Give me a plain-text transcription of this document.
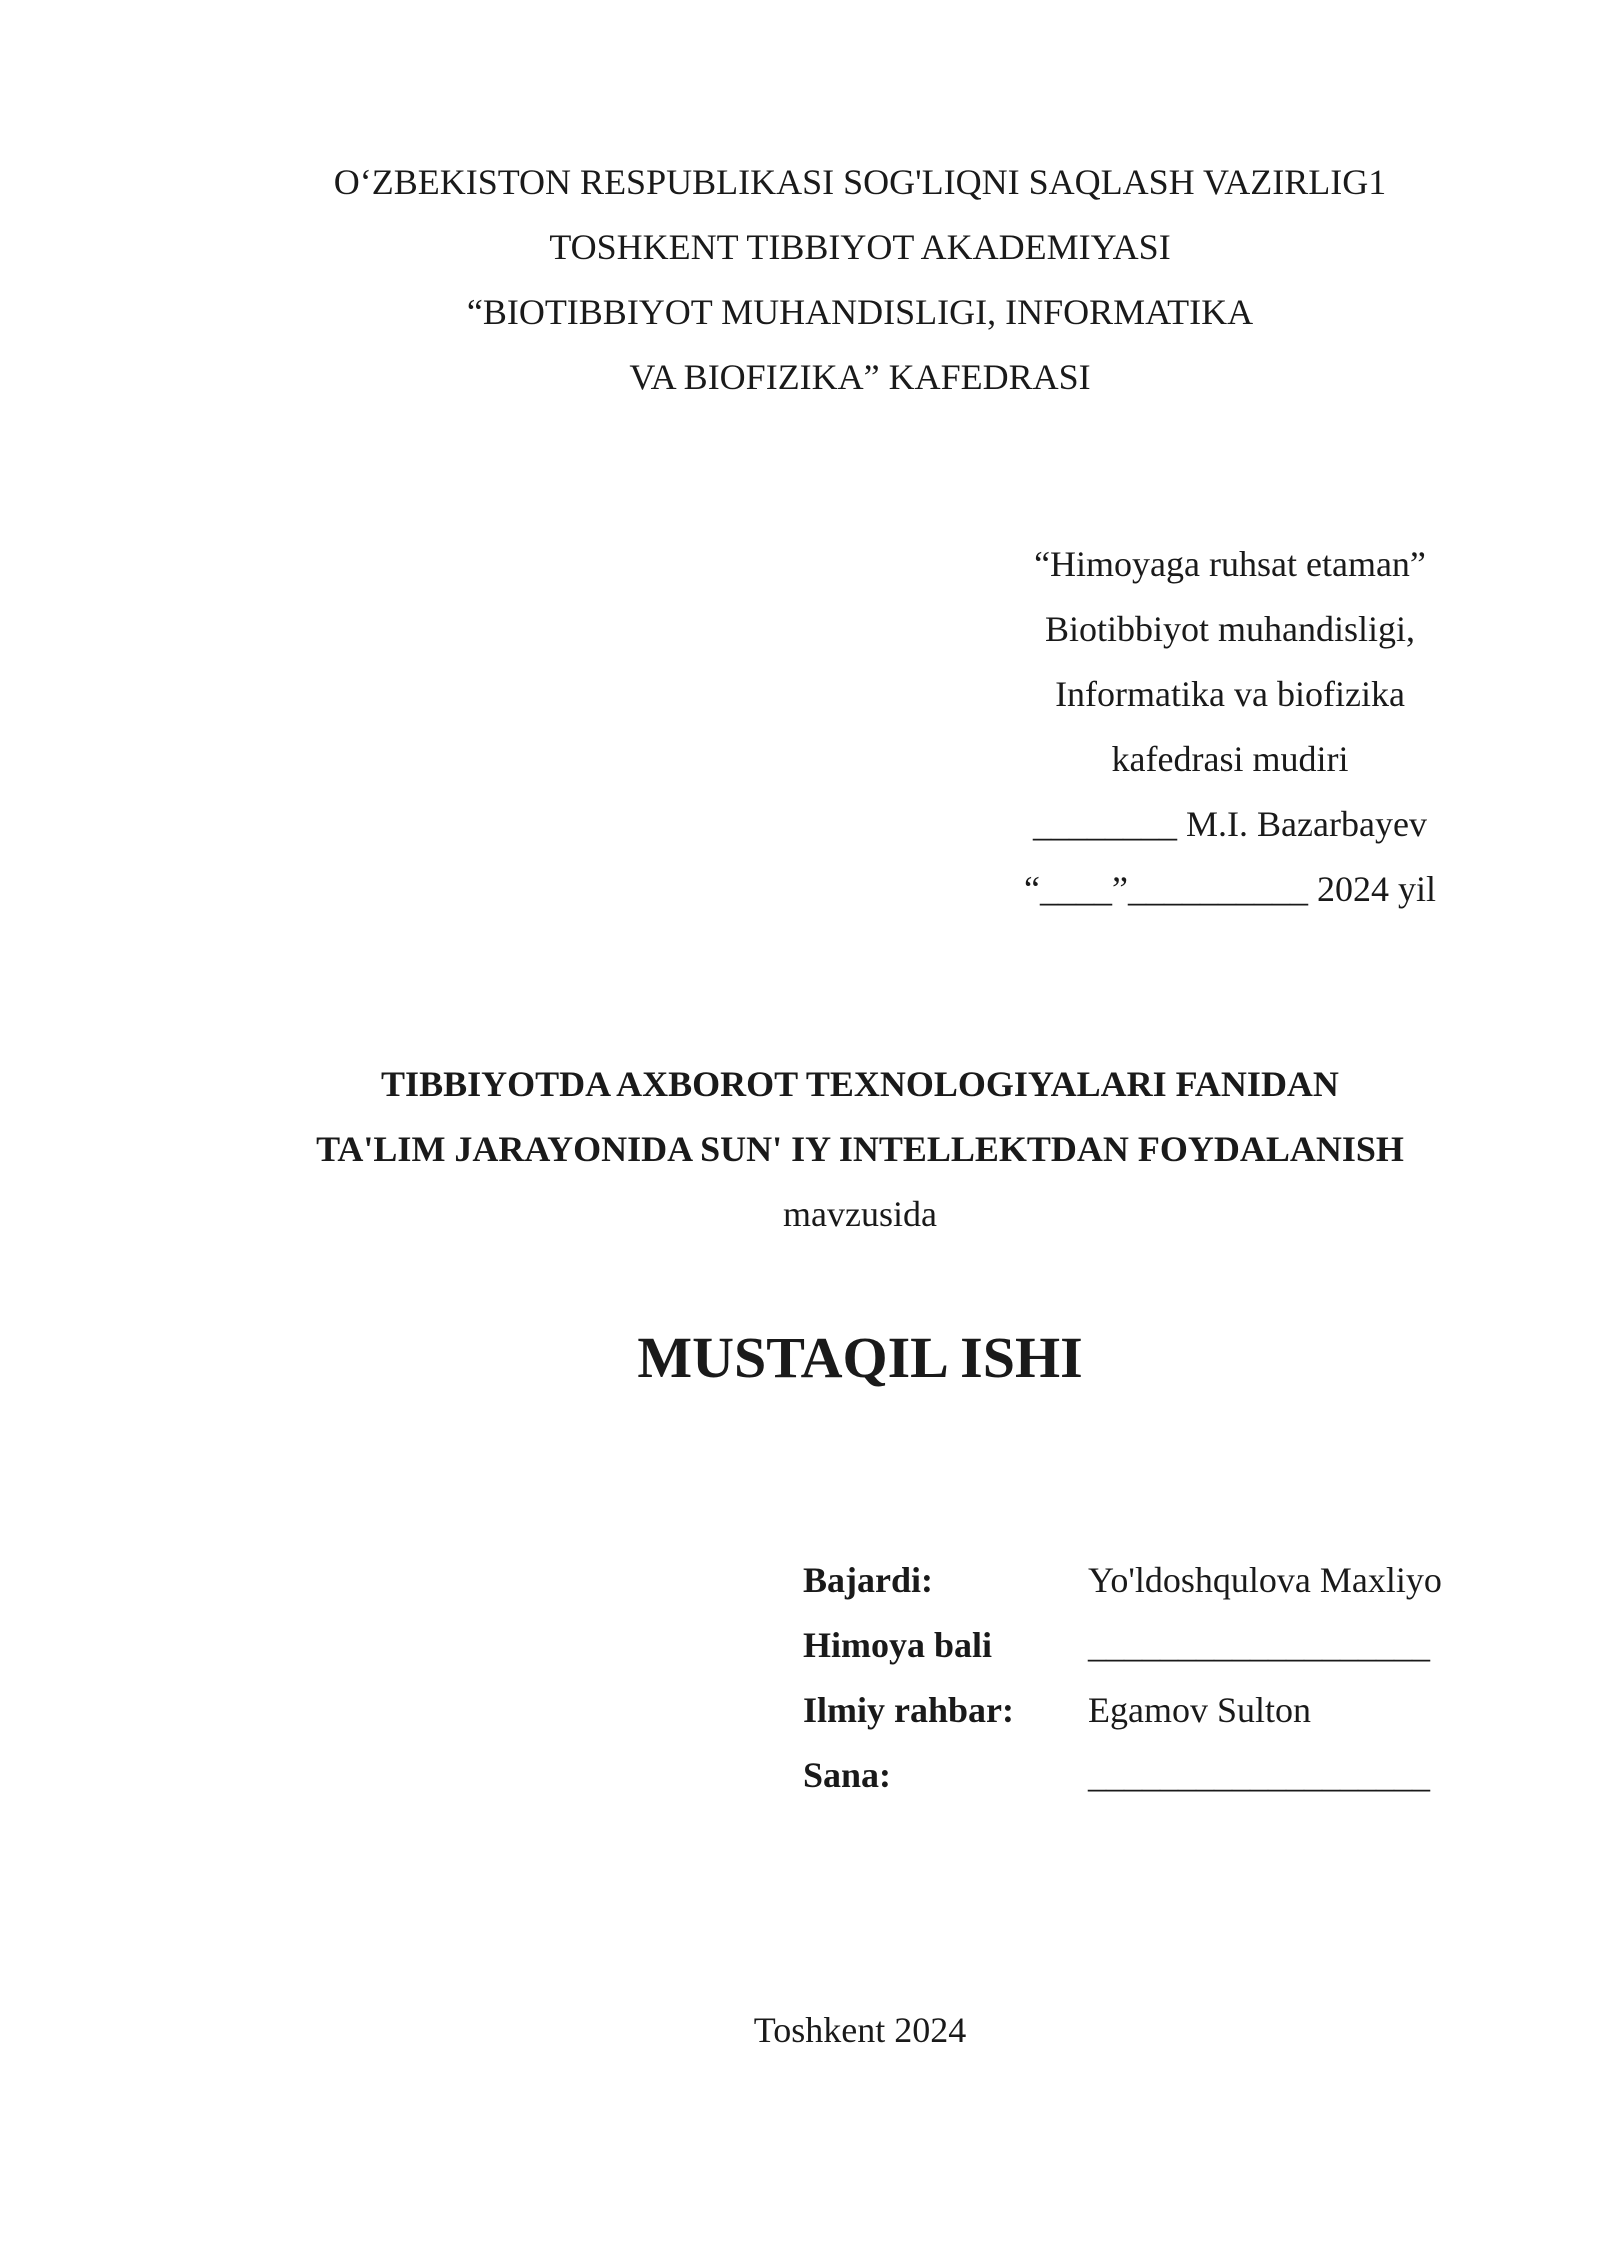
O‘ZBEKISTON RESPUBLIKASI SOG'LIQNI SAQLASH VAZIRLIG1
TOSHKENT TIBBIYOT AKADEMIYASI
“BIOTIBBIYOT MUHANDISLIGI, INFORMATIKA
VA BIOFIZIKA” KAFEDRASI
“Himoyaga ruhsat etaman”
Biotibbiyot muhandisligi,
Informatika va biofizika
kafedrasi mudiri
________ M.I. Bazarbayev
“____”__________ 2024 yil
TIBBIYOTDA AXBOROT TEXNOLOGIYALARI FANIDAN
TA'LIM JARAYONIDA SUN' IY INTELLEKTDAN FOYDALANISH
mavzusida
MUSTAQIL ISHI
Bajardi:	Yo'ldoshqulova Maxliyo
Himoya bali	___________________
Ilmiy rahbar:	Egamov Sulton
Sana:	___________________
Toshkent 2024
